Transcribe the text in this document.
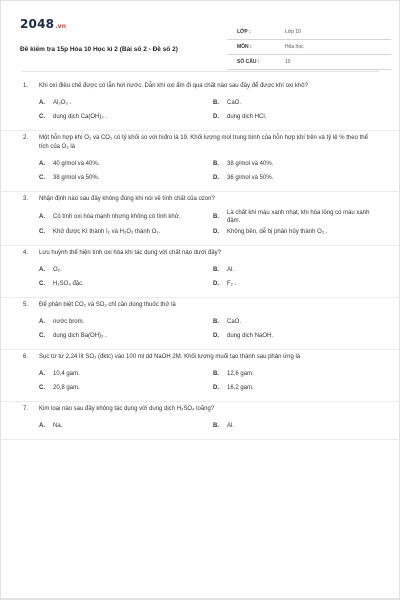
2048.vn
Đề kiểm tra 15p Hóa 10 Học kì 2 (Bài số 2 - Đề số 2)
LỚP :	Lớp 10
MÔN :	Hóa học
SỐ CÂU :	10
1. Khi oxi điều chế được có lẫn hơi nước. Dẫn khí oxi ẩm đi qua chất nào sau đây để được khí oxi khô?
A. Al₂O₃ .	B. CaO.
C. dung dịch Ca(OH)₂ .	D. dung dịch HCl.
2. Một hỗn hợp khí O₂ và CO₂ có tỷ khối so với hiđro là 19. Khối lượng mol trung bình của hỗn hợp khí trên và tỷ lệ % theo thể tích của O₂ là
A. 40 g/mol và 40%.	B. 38 g/mol và 40%.
C. 38 g/mol và 50%.	D. 36 g/mol và 50%.
3. Nhận định nào sau đây không đúng khi nói về tính chất của ozon?
A. Có tính oxi hóa mạnh nhưng không có tính khử.	B.
Là chất khí màu xanh nhạt, khi hóa lỏng có màu xanh đậm.
C. Khử được KI thành I₂ và H₂O₂ thành O₂.	D. Không bền, dễ bị phân hủy thành O₂ .
4. Lưu huỳnh thể hiện tính oxi hóa khi tác dụng với chất nào dưới đây?
A. O₂.	B. Al.
C. H₂SO₄ đặc.	D. F₂ .
5. Để phân biệt CO₂ và SO₂ chỉ cần dùng thuốc thử là
A. nước brom.	B. CaO.
C. dung dịch Ba(OH)₂ .	D. dung dịch NaOH.
6. Sục từ từ 2,24 lít SO₂ (đktc) vào 100 ml dd NaOH 2M. Khối lượng muối tạo thành sau phản ứng là
A. 10,4 gam.	B. 12,6 gam.
C. 20,8 gam.	D. 16,2 gam.
7. Kim loại nào sau đây không tác dụng với dung dịch H₂SO₄ loãng?
A. Na.	B. Al.
